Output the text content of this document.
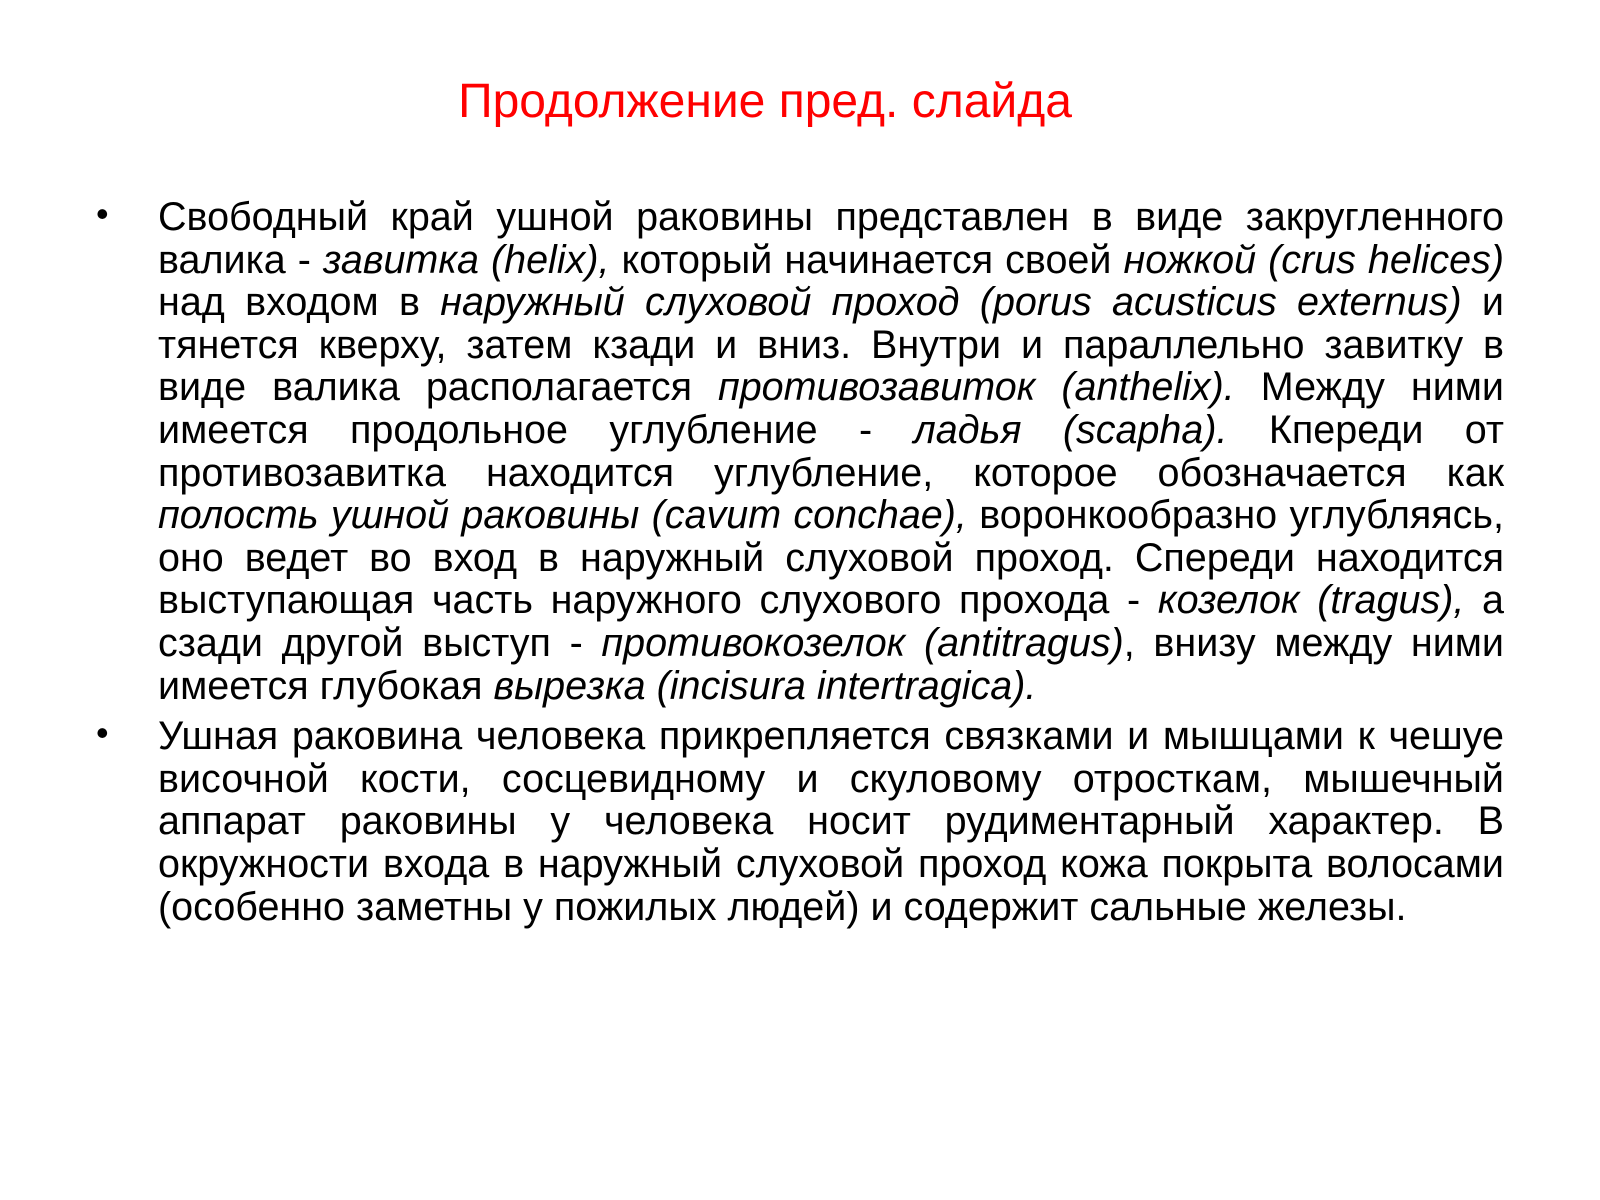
Продолжение пред. слайда
• Свободный край ушной раковины представлен в виде закругленного валика - завитка (helix), который начинается своей ножкой (crus helices) над входом в наружный слуховой проход (porus acusticus externus) и тянется кверху, затем кзади и вниз. Внутри и параллельно завитку в виде валика располагается противозавиток (anthelix). Между ними имеется продольное углубление - ладья (scapha). Кпереди от противозавитка находится углубление, которое обозначается как полость ушной раковины (cavum conchae), воронкообразно углубляясь, оно ведет во вход в наружный слуховой проход. Спереди находится выступающая часть наружного слухового прохода - козелок (tragus), а сзади другой выступ - противокозелок (antitragus), внизу между ними имеется глубокая вырезка (incisura intertragica).
• Ушная раковина человека прикрепляется связками и мышцами к чешуе височной кости, сосцевидному и скуловому отросткам, мышечный аппарат раковины у человека носит рудиментарный характер. В окружности входа в наружный слуховой проход кожа покрыта волосами (особенно заметны у пожилых людей) и содержит сальные железы.
